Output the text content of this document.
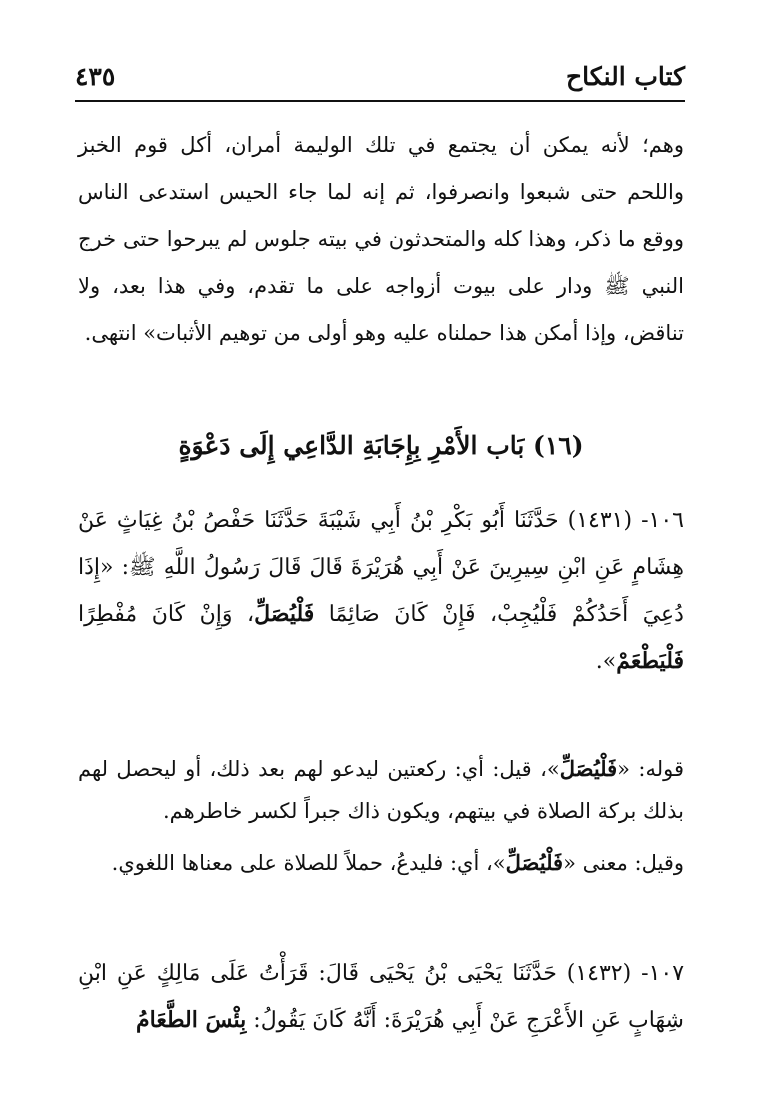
كتاب النكاح
٤٣٥

وهم؛ لأنه يمكن أن يجتمع في تلك الوليمة أمران، أكل قوم الخبز واللحم حتى شبعوا وانصرفوا، ثم إنه لما جاء الحيس استدعى الناس ووقع ما ذكر، وهذا كله والمتحدثون في بيته جلوس لم يبرحوا حتى خرج النبي ﷺ ودار على بيوت أزواجه على ما تقدم، وفي هذا بعد، ولا تناقض، وإذا أمكن هذا حملناه عليه وهو أولى من توهيم الأثبات» انتهى.

(١٦) بَاب الأَمْرِ بِإِجَابَةِ الدَّاعِي إِلَى دَعْوَةٍ

١٠٦- (١٤٣١) حَدَّثَنَا أَبُو بَكْرِ بْنُ أَبِي شَيْبَةَ حَدَّثَنَا حَفْصُ بْنُ غِيَاثٍ عَنْ هِشَامٍ عَنِ ابْنِ سِيرِينَ عَنْ أَبِي هُرَيْرَةَ قَالَ قَالَ رَسُولُ اللَّهِ ﷺ: «إِذَا دُعِيَ أَحَدُكُمْ فَلْيُجِبْ، فَإِنْ كَانَ صَائِمًا فَلْيُصَلِّ، وَإِنْ كَانَ مُفْطِرًا فَلْيَطْعَمْ».

قوله: «فَلْيُصَلِّ»، قيل: أي: ركعتين ليدعو لهم بعد ذلك، أو ليحصل لهم بذلك بركة الصلاة في بيتهم، ويكون ذاك جبراً لكسر خاطرهم.

وقيل: معنى «فَلْيُصَلِّ»، أي: فليدعُ، حملاً للصلاة على معناها اللغوي.

١٠٧- (١٤٣٢) حَدَّثَنَا يَحْيَى بْنُ يَحْيَى قَالَ: قَرَأْتُ عَلَى مَالِكٍ عَنِ ابْنِ شِهَابٍ عَنِ الأَعْرَجِ عَنْ أَبِي هُرَيْرَةَ: أَنَّهُ كَانَ يَقُولُ: بِئْسَ الطَّعَامُ
